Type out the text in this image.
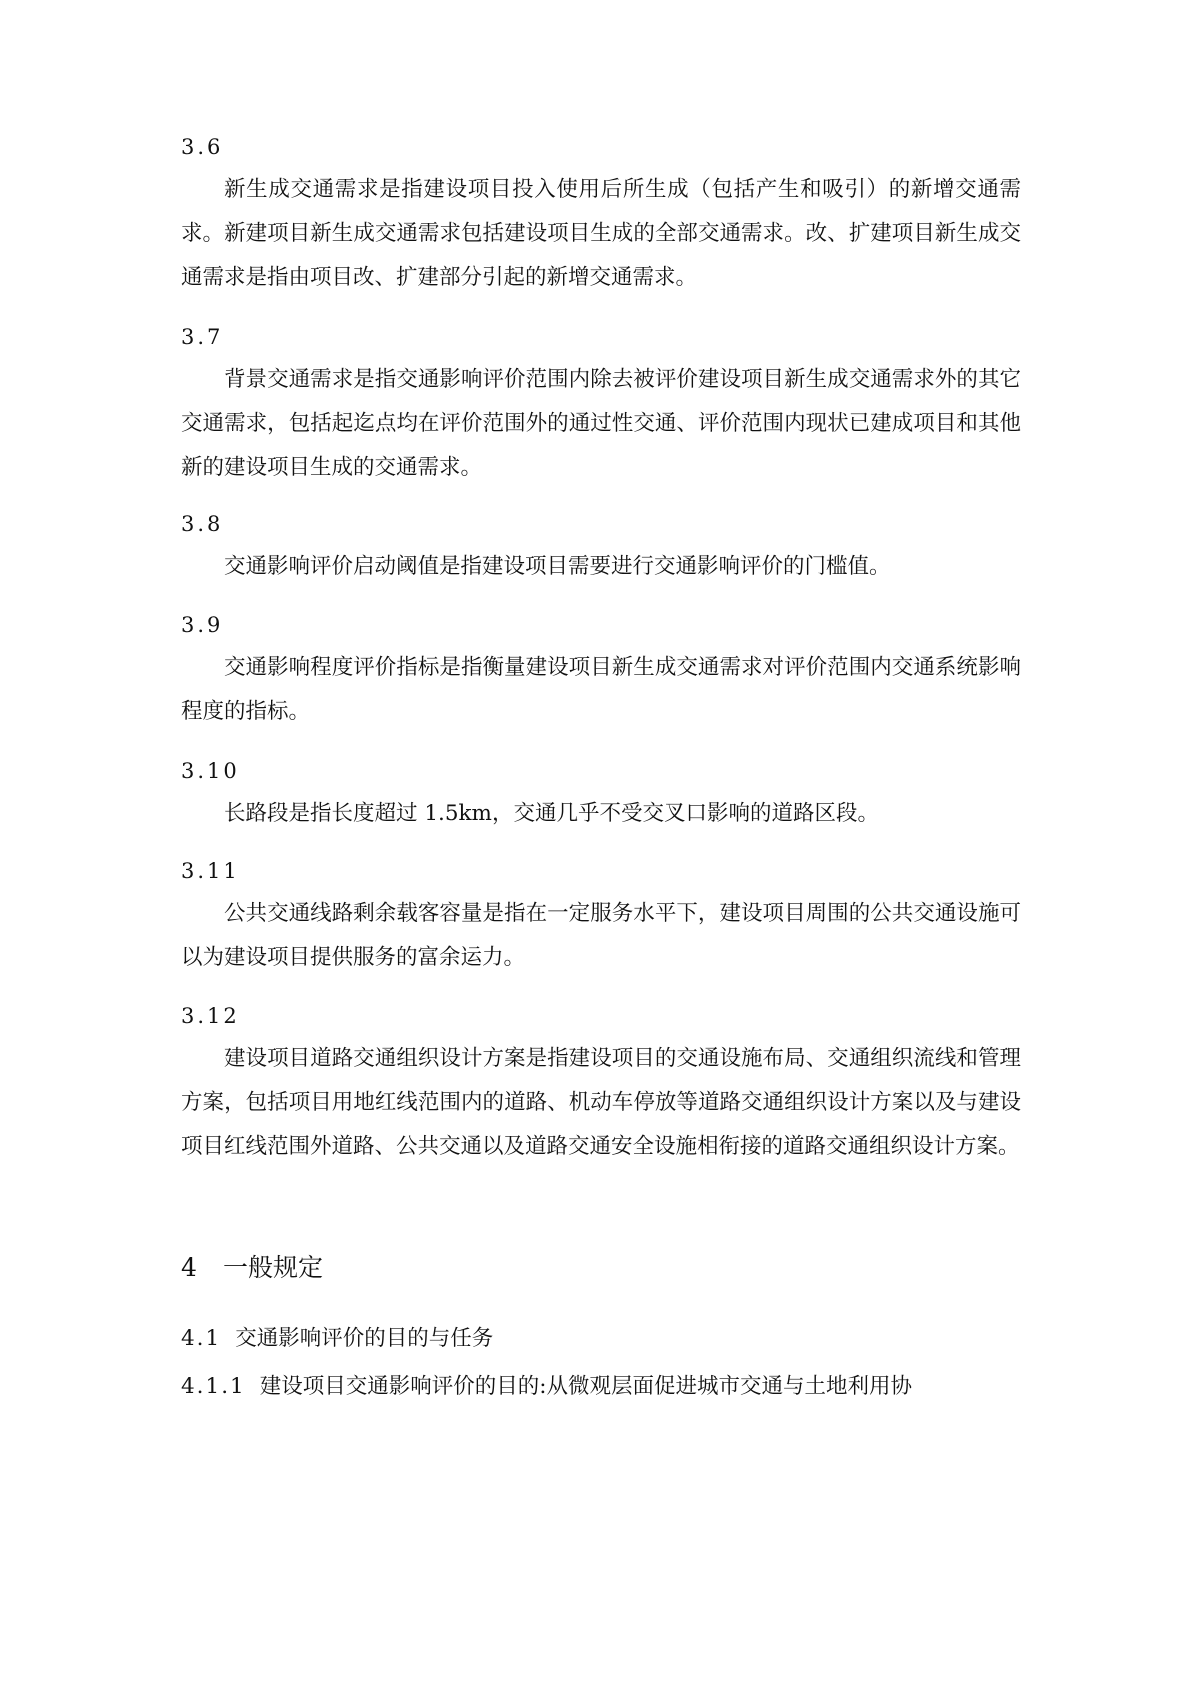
3.6
新生成交通需求是指建设项目投入使用后所生成（包括产生和吸引）的新增交通需求。新建项目新生成交通需求包括建设项目生成的全部交通需求。改、扩建项目新生成交通需求是指由项目改、扩建部分引起的新增交通需求。
3.7
背景交通需求是指交通影响评价范围内除去被评价建设项目新生成交通需求外的其它交通需求，包括起迄点均在评价范围外的通过性交通、评价范围内现状已建成项目和其他新的建设项目生成的交通需求。
3.8
交通影响评价启动阈值是指建设项目需要进行交通影响评价的门槛值。
3.9
交通影响程度评价指标是指衡量建设项目新生成交通需求对评价范围内交通系统影响程度的指标。
3.10
长路段是指长度超过 1.5km，交通几乎不受交叉口影响的道路区段。
3.11
公共交通线路剩余载客容量是指在一定服务水平下，建设项目周围的公共交通设施可以为建设项目提供服务的富余运力。
3.12
建设项目道路交通组织设计方案是指建设项目的交通设施布局、交通组织流线和管理方案，包括项目用地红线范围内的道路、机动车停放等道路交通组织设计方案以及与建设项目红线范围外道路、公共交通以及道路交通安全设施相衔接的道路交通组织设计方案。
4 一般规定
4.1 交通影响评价的目的与任务
4.1.1 建设项目交通影响评价的目的:从微观层面促进城市交通与土地利用协
